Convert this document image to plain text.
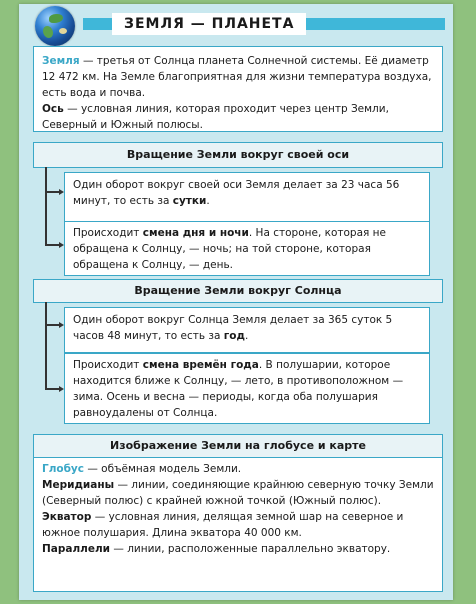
ЗЕМЛЯ — ПЛАНЕТА

Земля — третья от Солнца планета Солнечной системы. Её диаметр 12 472 км. На Земле благоприятная для жизни температура воздуха, есть вода и почва.

Ось — условная линия, которая проходит через центр Земли, Северный и Южный полюсы.

Вращение Земли вокруг своей оси

Один оборот вокруг своей оси Земля делает за 23 часа 56 минут, то есть за сутки.

Происходит смена дня и ночи. На стороне, которая не обращена к Солнцу, — ночь; на той стороне, которая обращена к Солнцу, — день.

Вращение Земли вокруг Солнца

Один оборот вокруг Солнца Земля делает за 365 суток 5 часов 48 минут, то есть за год.

Происходит смена времён года. В полушарии, которое находится ближе к Солнцу, — лето, в противоположном — зима. Осень и весна — периоды, когда оба полушария равноудалены от Солнца.

Изображение Земли на глобусе и карте

Глобус — объёмная модель Земли.

Меридианы — линии, соединяющие крайнюю северную точку Земли (Северный полюс) с крайней южной точкой (Южный полюс).

Экватор — условная линия, делящая земной шар на северное и южное полушария. Длина экватора 40 000 км.

Параллели — линии, расположенные параллельно экватору.
